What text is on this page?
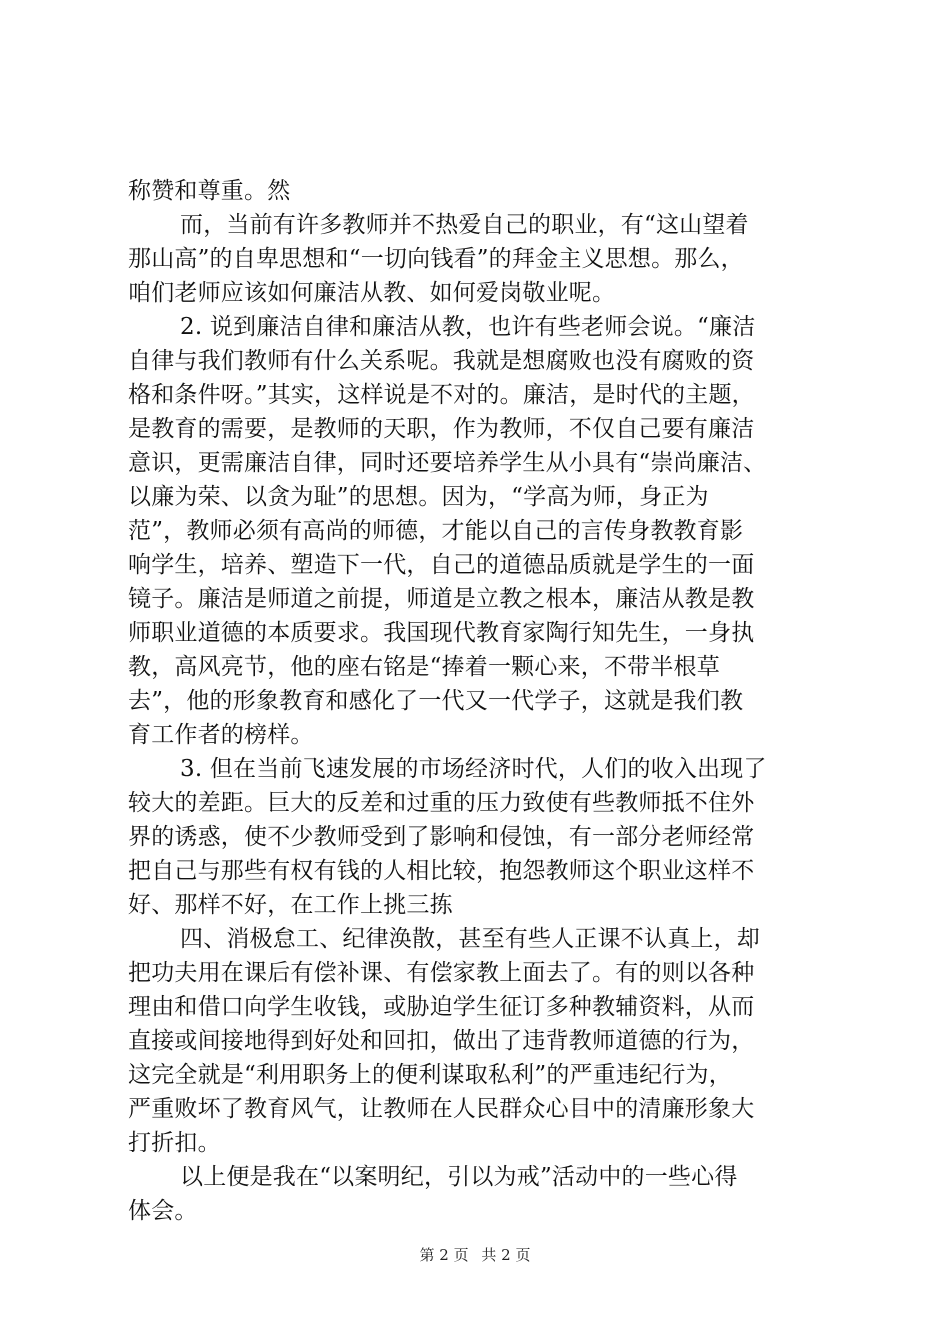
称赞和尊重。然
而，当前有许多教师并不热爱自己的职业，有“这山望着
那山高”的自卑思想和“一切向钱看”的拜金主义思想。那么，
咱们老师应该如何廉洁从教、如何爱岗敬业呢。
2. 说到廉洁自律和廉洁从教，也许有些老师会说。“廉洁
自律与我们教师有什么关系呢。我就是想腐败也没有腐败的资
格和条件呀。”其实，这样说是不对的。廉洁，是时代的主题，
是教育的需要，是教师的天职，作为教师，不仅自己要有廉洁
意识，更需廉洁自律，同时还要培养学生从小具有“崇尚廉洁、
以廉为荣、以贪为耻”的思想。因为，“学高为师，身正为
范”，教师必须有高尚的师德，才能以自己的言传身教教育影
响学生，培养、塑造下一代，自己的道德品质就是学生的一面
镜子。廉洁是师道之前提，师道是立教之根本，廉洁从教是教
师职业道德的本质要求。我国现代教育家陶行知先生，一身执
教，高风亮节，他的座右铭是“捧着一颗心来，不带半根草
去”，他的形象教育和感化了一代又一代学子，这就是我们教
育工作者的榜样。
3. 但在当前飞速发展的市场经济时代，人们的收入出现了
较大的差距。巨大的反差和过重的压力致使有些教师抵不住外
界的诱惑，使不少教师受到了影响和侵蚀，有一部分老师经常
把自己与那些有权有钱的人相比较，抱怨教师这个职业这样不
好、那样不好，在工作上挑三拣
四、消极怠工、纪律涣散，甚至有些人正课不认真上，却
把功夫用在课后有偿补课、有偿家教上面去了。有的则以各种
理由和借口向学生收钱，或胁迫学生征订多种教辅资料，从而
直接或间接地得到好处和回扣，做出了违背教师道德的行为，
这完全就是“利用职务上的便利谋取私利”的严重违纪行为，
严重败坏了教育风气，让教师在人民群众心目中的清廉形象大
打折扣。
以上便是我在“以案明纪，引以为戒”活动中的一些心得
体会。
第 2 页 共 2 页
